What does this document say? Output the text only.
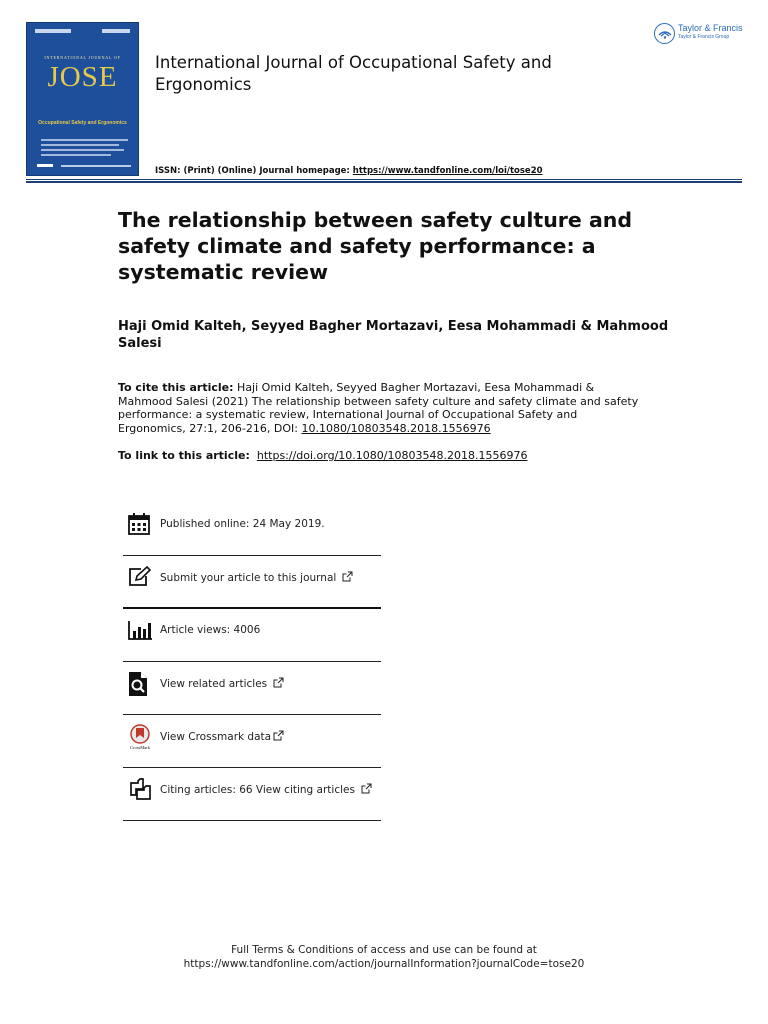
INTERNATIONAL JOURNAL OF
JOSE
Occupational Safety and Ergonomics
International Journal of Occupational Safety and Ergonomics
ISSN: (Print) (Online) Journal homepage: https://www.tandfonline.com/loi/tose20
Taylor & Francis
Taylor & Francis Group
The relationship between safety culture and safety climate and safety performance: a systematic review
Haji Omid Kalteh, Seyyed Bagher Mortazavi, Eesa Mohammadi & Mahmood Salesi
To cite this article: Haji Omid Kalteh, Seyyed Bagher Mortazavi, Eesa Mohammadi & Mahmood Salesi (2021) The relationship between safety culture and safety climate and safety performance: a systematic review, International Journal of Occupational Safety and Ergonomics, 27:1, 206-216, DOI: 10.1080/10803548.2018.1556976
To link to this article: https://doi.org/10.1080/10803548.2018.1556976
Published online: 24 May 2019.
Submit your article to this journal
Article views: 4006
View related articles
CrossMark
View Crossmark data
Citing articles: 66 View citing articles
Full Terms & Conditions of access and use can be found at
https://www.tandfonline.com/action/journalInformation?journalCode=tose20
